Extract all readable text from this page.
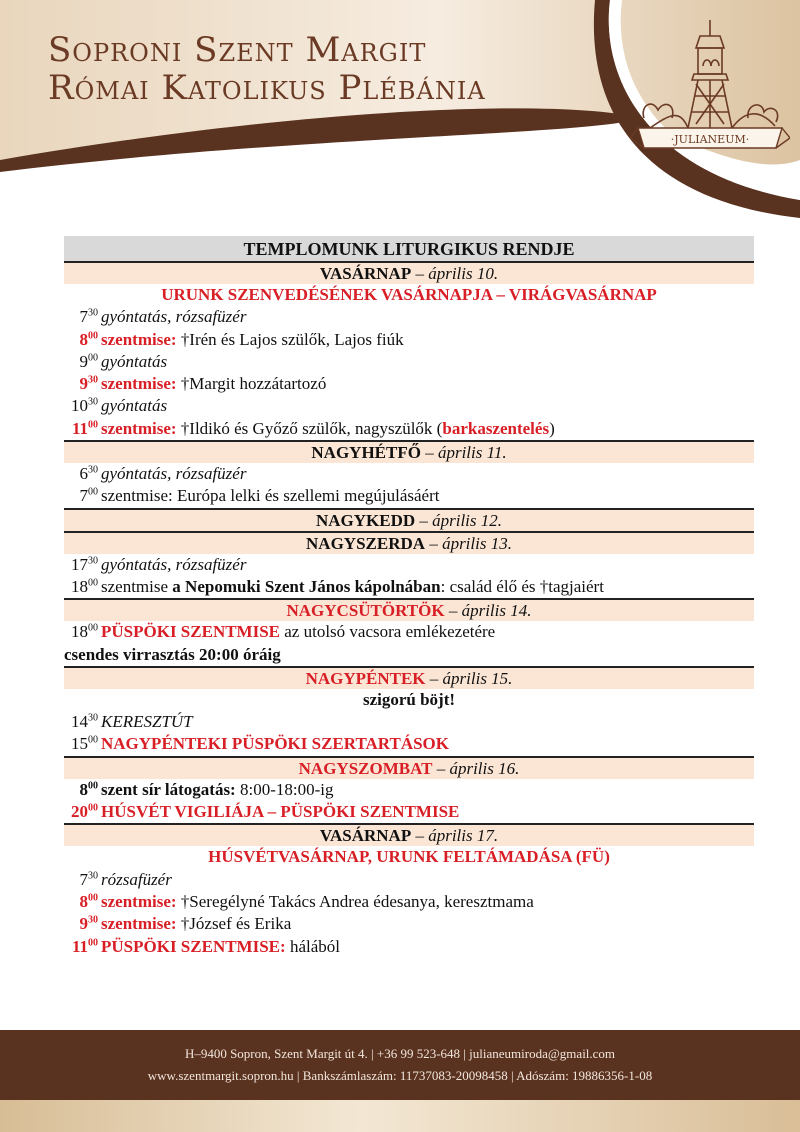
Soproni Szent Margit
Római Katolikus Plébánia
·JULIANEUM·
TEMPLOMUNK LITURGIKUS RENDJE
VASÁRNAP – április 10.
URUNK SZENVEDÉSÉNEK VASÁRNAPJA – VIRÁGVASÁRNAP
$7^{30}$ gyóntatás, rózsafüzér
$8^{00}$ szentmise: †Irén és Lajos szülők, Lajos fiúk
$9^{00}$ gyóntatás
$9^{30}$ szentmise: †Margit hozzátartozó
$10^{30}$ gyóntatás
$11^{00}$ szentmise: †Ildikó és Győző szülők, nagyszülők (barkaszentelés)
NAGYHÉTFŐ – április 11.
$6^{30}$ gyóntatás, rózsafüzér
$7^{00}$ szentmise: Európa lelki és szellemi megújulásáért
NAGYKEDD – április 12.
NAGYSZERDA – április 13.
$17^{30}$ gyóntatás, rózsafüzér
$18^{00}$ szentmise a Nepomuki Szent János kápolnában: család élő és †tagjaiért
NAGYCSÜTÖRTÖK – április 14.
$18^{00}$ PÜSPÖKI SZENTMISE az utolsó vacsora emlékezetére
csendes virrasztás 20:00 óráig
NAGYPÉNTEK – április 15.
szigorú böjt!
$14^{30}$ KERESZTÚT
$15^{00}$ NAGYPÉNTEKI PÜSPÖKI SZERTARTÁSOK
NAGYSZOMBAT – április 16.
$8^{00}$ szent sír látogatás: 8:00-18:00-ig
$20^{00}$ HÚSVÉT VIGILIÁJA – PÜSPÖKI SZENTMISE
VASÁRNAP – április 17.
HÚSVÉTVASÁRNAP, URUNK FELTÁMADÁSA (FÜ)
$7^{30}$ rózsafüzér
$8^{00}$ szentmise: †Seregélyné Takács Andrea édesanya, keresztmama
$9^{30}$ szentmise: †József és Erika
$11^{00}$ PÜSPÖKI SZENTMISE: hálából
H–9400 Sopron, Szent Margit út 4. | +36 99 523-648 | julianeumiroda@gmail.com
www.szentmargit.sopron.hu | Bankszámlaszám: 11737083-20098458 | Adószám: 19886356-1-08
